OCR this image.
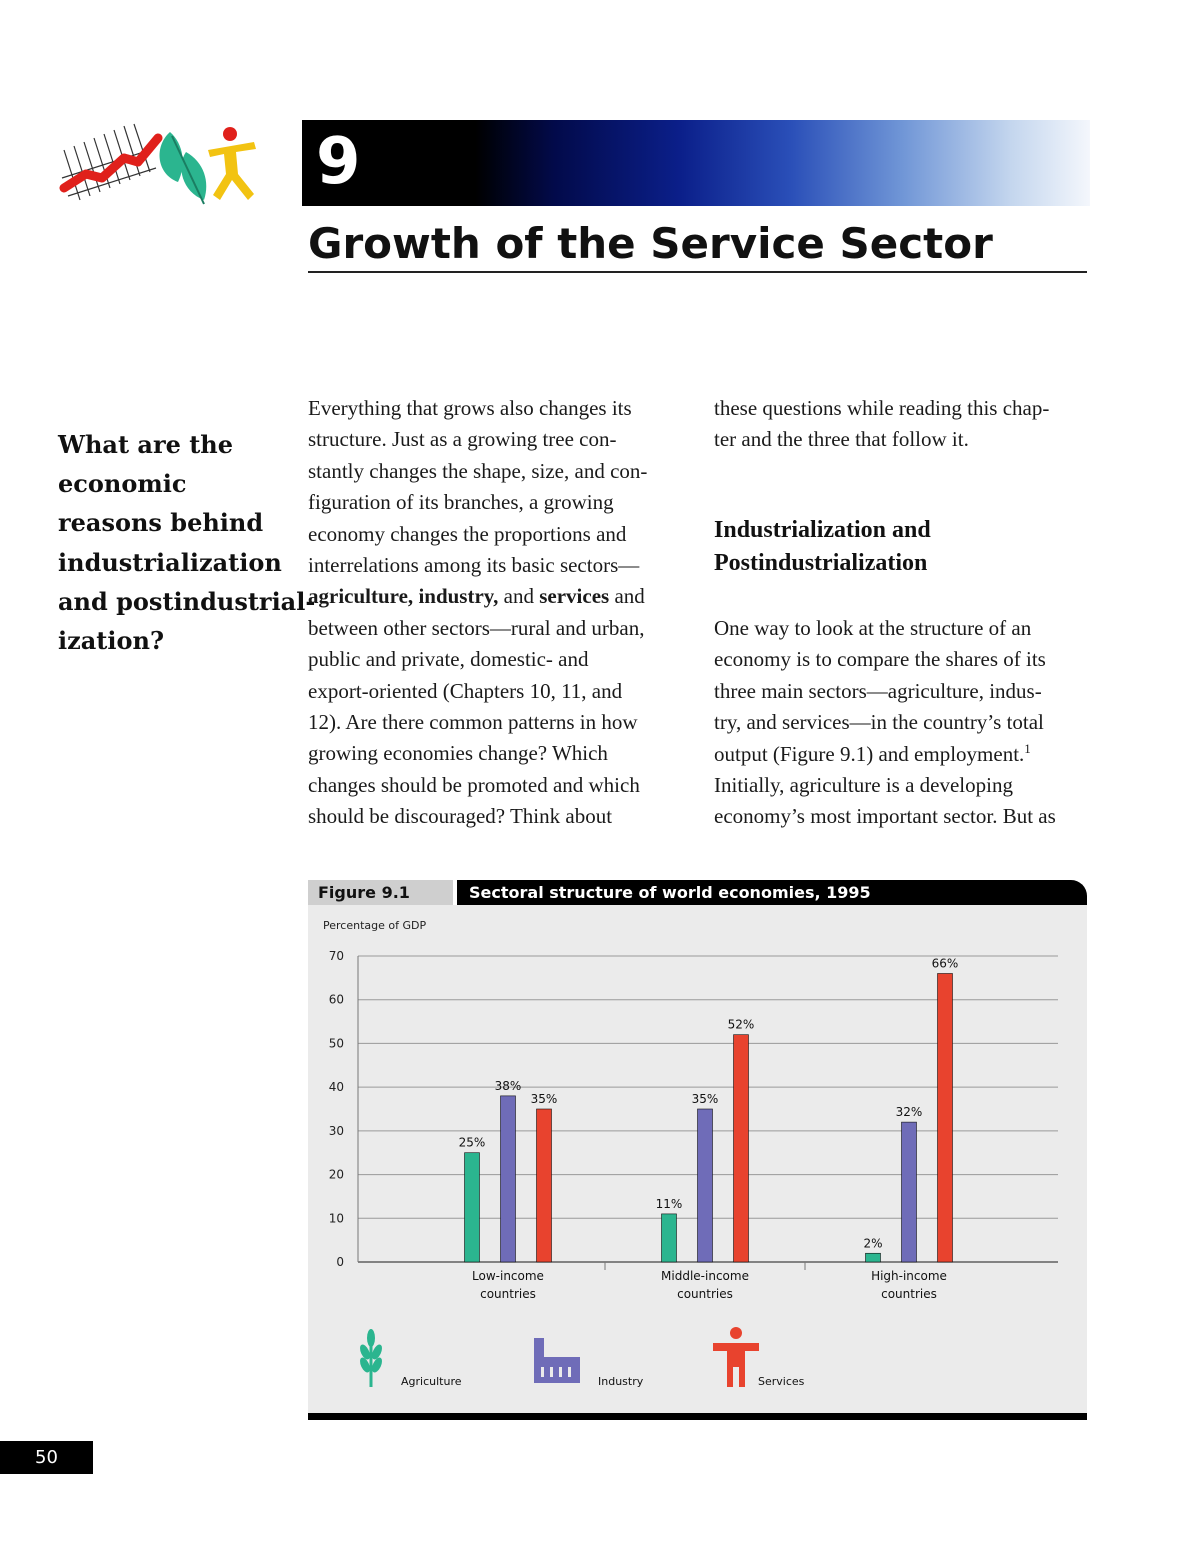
9
Growth of the Service Sector
What are the
economic
reasons behind
industrialization
and postindustrial-
ization?
Everything that grows also changes its
structure. Just as a growing tree con-
stantly changes the shape, size, and con-
figuration of its branches, a growing
economy changes the proportions and
interrelations among its basic sectors—
agriculture, industry, and services and
between other sectors—rural and urban,
public and private, domestic- and
export-oriented (Chapters 10, 11, and
12). Are there common patterns in how
growing economies change? Which
changes should be promoted and which
should be discouraged? Think about
these questions while reading this chap-
ter and the three that follow it.
Industrialization and
Postindustrialization
One way to look at the structure of an
economy is to compare the shares of its
three main sectors—agriculture, indus-
try, and services—in the country’s total
output (Figure 9.1) and employment.$^1$
Initially, agriculture is a developing
economy’s most important sector. But as
Figure 9.1	Sectoral structure of world economies, 1995
Percentage of GDP
0
10
20
30
40
50
60
70
25%
38%
35%
Low-income
countries
11%
35%
52%
Middle-income
countries
2%
32%
66%
High-income
countries
Agriculture	Industry	Services
50
